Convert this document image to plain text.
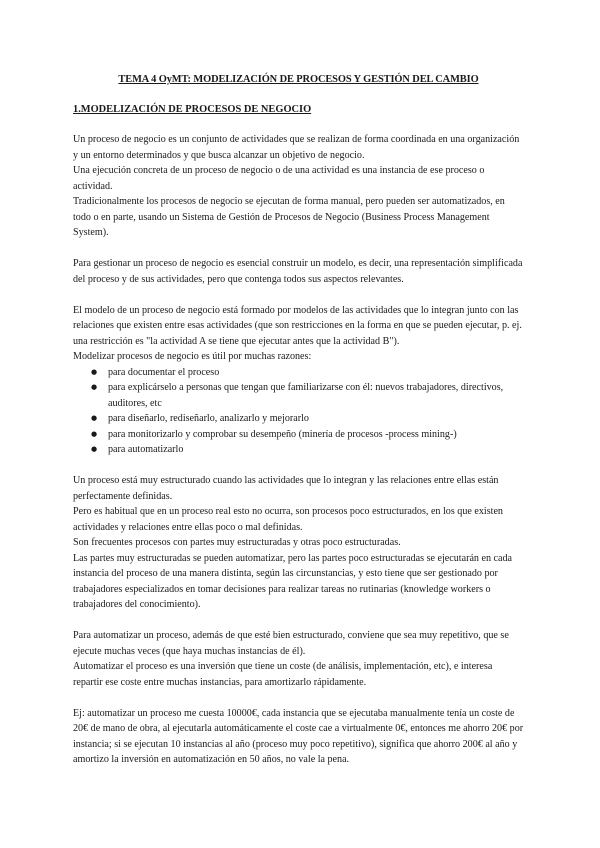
TEMA 4 OyMT: MODELIZACIÓN DE PROCESOS Y GESTIÓN DEL CAMBIO
1.MODELIZACIÓN DE PROCESOS DE NEGOCIO

Un proceso de negocio es un conjunto de actividades que se realizan de forma coordinada en una organización y un entorno determinados y que busca alcanzar un objetivo de negocio.

Una ejecución concreta de un proceso de negocio o de una actividad es una instancia de ese proceso o actividad.

Tradicionalmente los procesos de negocio se ejecutan de forma manual, pero pueden ser automatizados, en todo o en parte, usando un Sistema de Gestión de Procesos de Negocio (Business Process Management System).

Para gestionar un proceso de negocio es esencial construir un modelo, es decir, una representación simplificada del proceso y de sus actividades, pero que contenga todos sus aspectos relevantes.

El modelo de un proceso de negocio está formado por modelos de las actividades que lo integran junto con las relaciones que existen entre esas actividades (que son restricciones en la forma en que se pueden ejecutar, p. ej. una restricción es "la actividad A se tiene que ejecutar antes que la actividad B").

Modelizar procesos de negocio es útil por muchas razones:

● para documentar el proceso
● para explicárselo a personas que tengan que familiarizarse con él: nuevos trabajadores, directivos, auditores, etc
● para diseñarlo, rediseñarlo, analizarlo y mejorarlo
● para monitorizarlo y comprobar su desempeño (minería de procesos -process mining-)
● para automatizarlo

Un proceso está muy estructurado cuando las actividades que lo integran y las relaciones entre ellas están perfectamente definidas.

Pero es habitual que en un proceso real esto no ocurra, son procesos poco estructurados, en los que existen actividades y relaciones entre ellas poco o mal definidas.

Son frecuentes procesos con partes muy estructuradas y otras poco estructuradas.

Las partes muy estructuradas se pueden automatizar, pero las partes poco estructuradas se ejecutarán en cada instancia del proceso de una manera distinta, según las circunstancias, y esto tiene que ser gestionado por trabajadores especializados en tomar decisiones para realizar tareas no rutinarias (knowledge workers o trabajadores del conocimiento).

Para automatizar un proceso, además de que esté bien estructurado, conviene que sea muy repetitivo, que se ejecute muchas veces (que haya muchas instancias de él).

Automatizar el proceso es una inversión que tiene un coste (de análisis, implementación, etc), e interesa repartir ese coste entre muchas instancias, para amortizarlo rápidamente.

Ej: automatizar un proceso me cuesta 10000€, cada instancia que se ejecutaba manualmente tenía un coste de 20€ de mano de obra, al ejecutarla automáticamente el coste cae a virtualmente 0€, entonces me ahorro 20€ por instancia; si se ejecutan 10 instancias al año (proceso muy poco repetitivo), significa que ahorro 200€ al año y amortizo la inversión en automatización en 50 años, no vale la pena.
